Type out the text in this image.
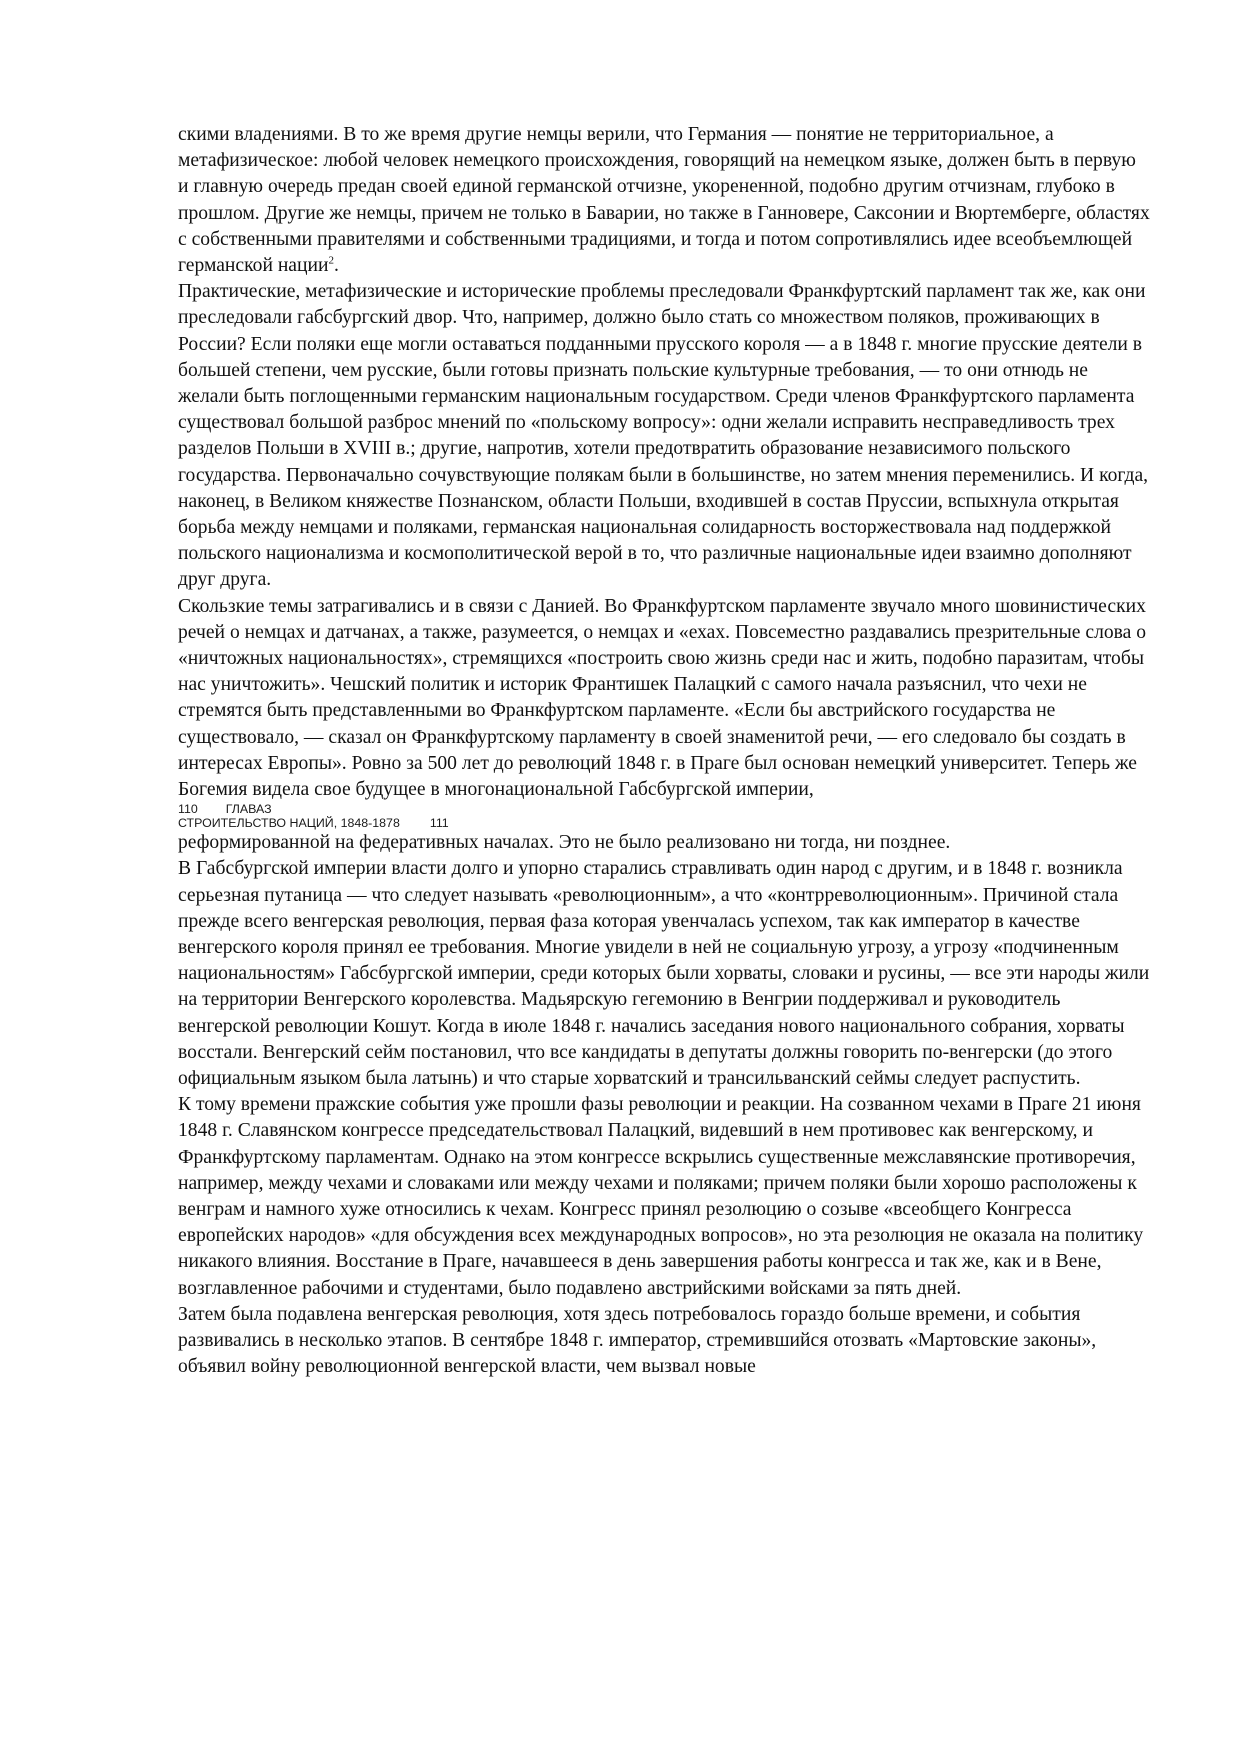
скими владениями. В то же время другие немцы верили, что Германия — понятие не территориальное, а метафизическое: любой человек немецкого происхождения, говорящий на немецком языке, должен быть в первую и главную очередь предан своей единой германской отчизне, укорененной, подобно другим отчизнам, глубоко в прошлом. Другие же немцы, причем не только в Баварии, но также в Ганновере, Саксонии и Вюртемберге, областях с собственными правителями и собственными традициями, и тогда и потом сопротивлялись идее всеобъемлющей германской нации$^2$.

Практические, метафизические и исторические проблемы преследовали Франкфуртский парламент так же, как они преследовали габсбургский двор. Что, например, должно было стать со множеством поляков, проживающих в России? Если поляки еще могли оставаться подданными прусского короля — а в 1848 г. многие прусские деятели в большей степени, чем русские, были готовы признать польские культурные требования, — то они отнюдь не желали быть поглощенными германским национальным государством. Среди членов Франкфуртского парламента существовал большой разброс мнений по «польскому вопросу»: одни желали исправить несправедливость трех разделов Польши в XVIII в.; другие, напротив, хотели предотвратить образование независимого польского государства. Первоначально сочувствующие полякам были в большинстве, но затем мнения переменились. И когда, наконец, в Великом княжестве Познанском, области Польши, входившей в состав Пруссии, вспыхнула открытая борьба между немцами и поляками, германская национальная солидарность восторжествовала над поддержкой польского национализма и космополитической верой в то, что различные национальные идеи взаимно дополняют друг друга.

Скользкие темы затрагивались и в связи с Данией. Во Франкфуртском парламенте звучало много шовинистических речей о немцах и датчанах, а также, разумеется, о немцах и «ехах. Повсеместно раздавались презрительные слова о «ничтожных национальностях», стремящихся «построить свою жизнь среди нас и жить, подобно паразитам, чтобы нас уничтожить». Чешский политик и историк Франтишек Палацкий с самого начала разъяснил, что чехи не стремятся быть представленными во Франкфуртском парламенте. «Если бы австрийского государства не существовало, — сказал он Франкфуртскому парламенту в своей знаменитой речи, — его следовало бы создать в интересах Европы». Ровно за 500 лет до революций 1848 г. в Праге был основан немецкий университет. Теперь же Богемия видела свое будущее в многонациональной Габсбургской империи,

110 ГЛАВАЗ

СТРОИТЕЛЬСТВО НАЦИЙ, 1848-1878 111

реформированной на федеративных началах. Это не было реализовано ни тогда, ни позднее.

В Габсбургской империи власти долго и упорно старались стравливать один народ с другим, и в 1848 г. возникла серьезная путаница — что следует называть «революционным», а что «контрреволюционным». Причиной стала прежде всего венгерская революция, первая фаза которая увенчалась успехом, так как император в качестве венгерского короля принял ее требования. Многие увидели в ней не социальную угрозу, а угрозу «подчиненным национальностям» Габсбургской империи, среди которых были хорваты, словаки и русины, — все эти народы жили на территории Венгерского королевства. Мадьярскую гегемонию в Венгрии поддерживал и руководитель венгерской революции Кошут. Когда в июле 1848 г. начались заседания нового национального собрания, хорваты восстали. Венгерский сейм постановил, что все кандидаты в депутаты должны говорить по-венгерски (до этого официальным языком была латынь) и что старые хорватский и трансильванский сеймы следует распустить.

К тому времени пражские события уже прошли фазы революции и реакции. На созванном чехами в Праге 21 июня 1848 г. Славянском конгрессе председательствовал Палацкий, видевший в нем противовес как венгерскому, и Франкфуртскому парламентам. Однако на этом конгрессе вскрылись существенные межславянские противоречия, например, между чехами и словаками или между чехами и поляками; причем поляки были хорошо расположены к венграм и намного хуже относились к чехам. Конгресс принял резолюцию о созыве «всеобщего Конгресса европейских народов» «для обсуждения всех международных вопросов», но эта резолюция не оказала на политику никакого влияния. Восстание в Праге, начавшееся в день завершения работы конгресса и так же, как и в Вене, возглавленное рабочими и студентами, было подавлено австрийскими войсками за пять дней.

Затем была подавлена венгерская революция, хотя здесь потребовалось гораздо больше времени, и события развивались в несколько этапов. В сентябре 1848 г. император, стремившийся отозвать «Мартовские законы», объявил войну революционной венгерской власти, чем вызвал новые
